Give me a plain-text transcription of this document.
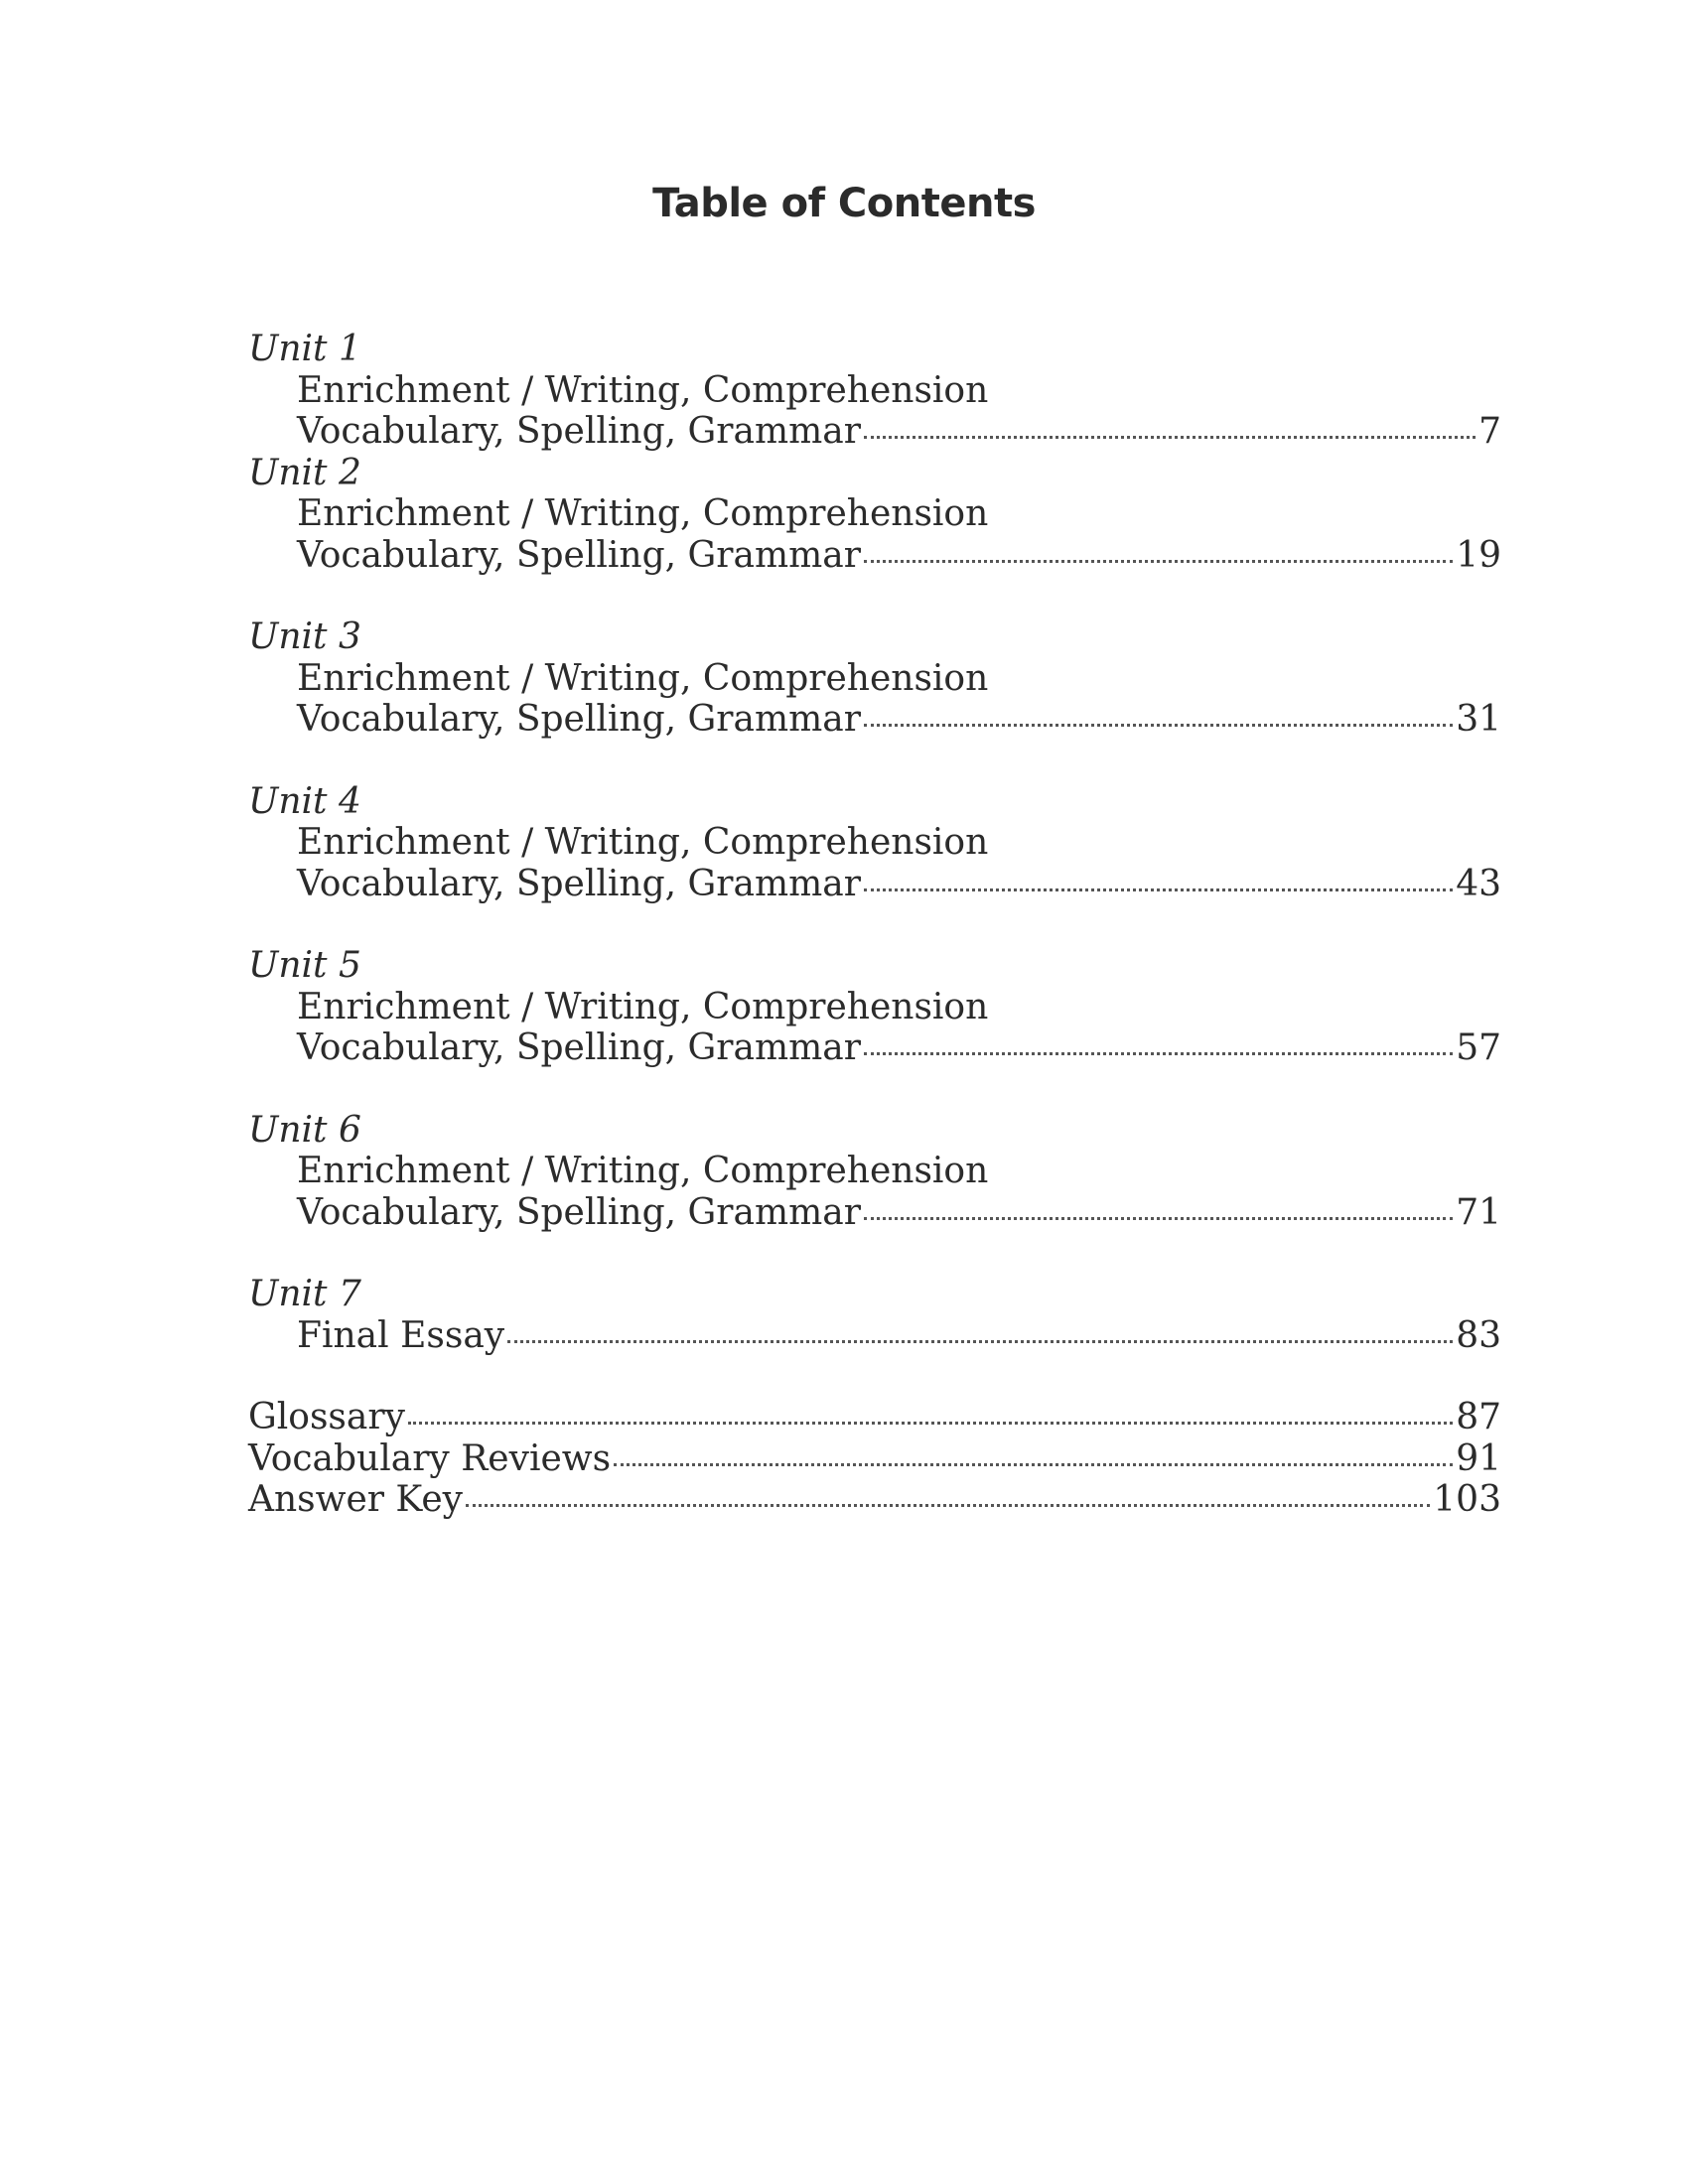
Table of Contents
Unit 1
Enrichment / Writing, Comprehension
Vocabulary, Spelling, Grammar	7
Unit 2
Enrichment / Writing, Comprehension
Vocabulary, Spelling, Grammar	19
Unit 3
Enrichment / Writing, Comprehension
Vocabulary, Spelling, Grammar	31
Unit 4
Enrichment / Writing, Comprehension
Vocabulary, Spelling, Grammar	43
Unit 5
Enrichment / Writing, Comprehension
Vocabulary, Spelling, Grammar	57
Unit 6
Enrichment / Writing, Comprehension
Vocabulary, Spelling, Grammar	71
Unit 7
Final Essay	83
Glossary	87
Vocabulary Reviews	91
Answer Key	103
